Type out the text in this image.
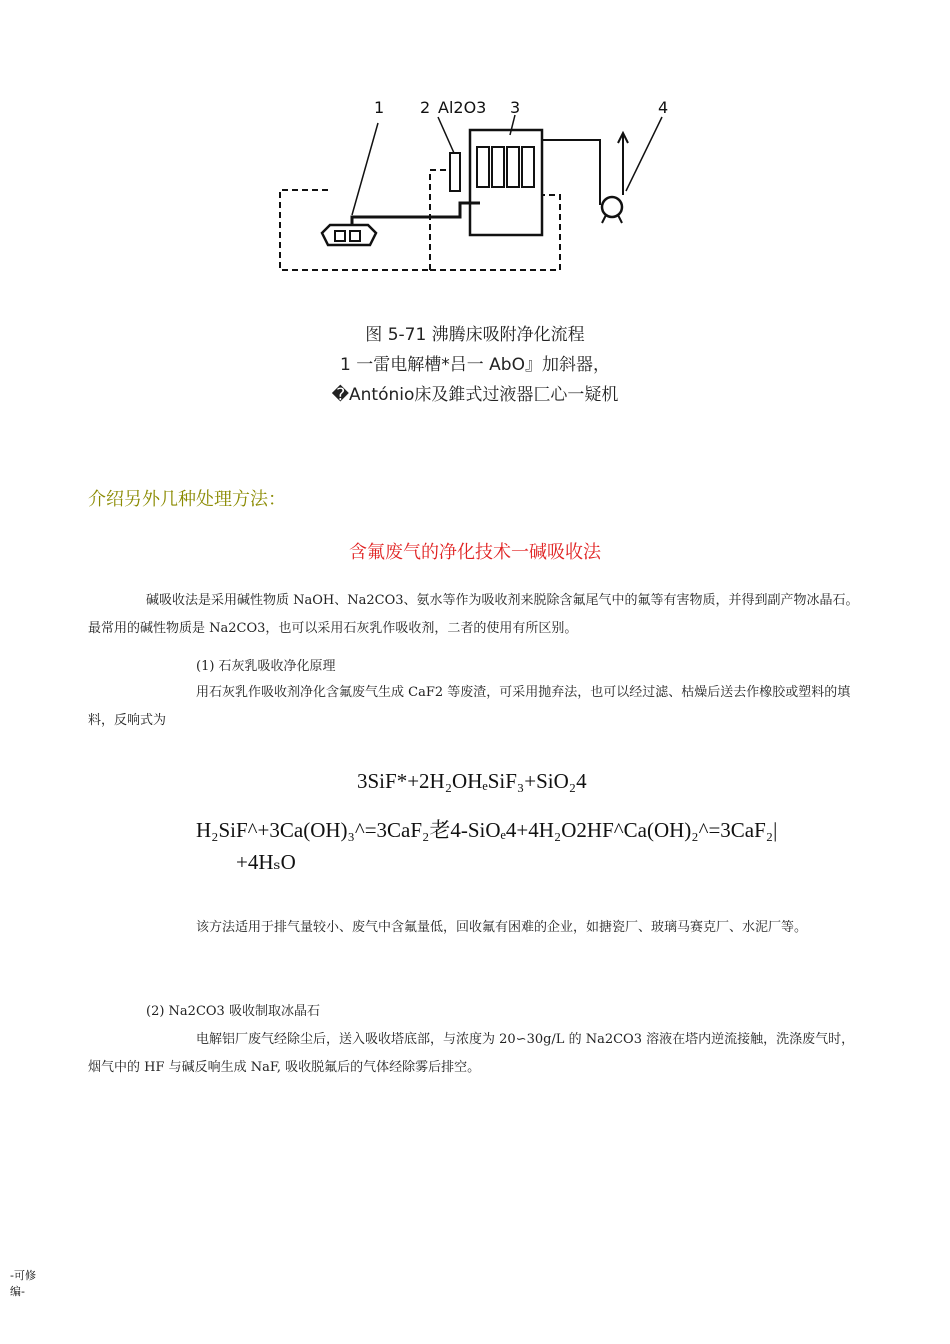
1 2 Al2O3 3	4
图 5-71 沸腾床吸附净化流程
1 一雷电解槽*吕一 AbO』加斜器，
�António床及錐式过液器匚心一疑机
介绍另外几种处理方法：
含氟废气的净化技术一碱吸收法
碱吸收法是采用碱性物质 NaOH、Na2CO3、氨水等作为吸收剂来脱除含氟尾气中的氟等有害物质，并得到副产物冰晶石。最常用的碱性物质是 Na2CO3，也可以采用石灰乳作吸收剂，二者的使用有所区别。
(1) 石灰乳吸收净化原理
用石灰乳作吸收剂净化含氟废气生成 CaF2 等废渣，可采用抛弃法，也可以经过滤、枯燥后送去作橡胶或塑料的填料，反响式为
3SiF*+2H₂OHₑSiF₃+SiO₂4
H₂SiF^+3Ca(OH)₃^=3CaF₂老4-SiOₑ4+4H₂O2HF^Ca(OH)₂^=3CaF₂|
+4HₛO
该方法适用于排气量较小、废气中含氟量低，回收氟有困难的企业，如搪瓷厂、玻璃马赛克厂、水泥厂等。
(2) Na2CO3 吸收制取冰晶石
电解铝厂废气经除尘后，送入吸收塔底部，与浓度为 20∽30g/L 的 Na2CO3 溶液在塔内逆流接触，洗涤废气时，烟气中的 HF 与碱反响生成 NaF, 吸收脱氟后的气体经除雾后排空。
-可修
编-
